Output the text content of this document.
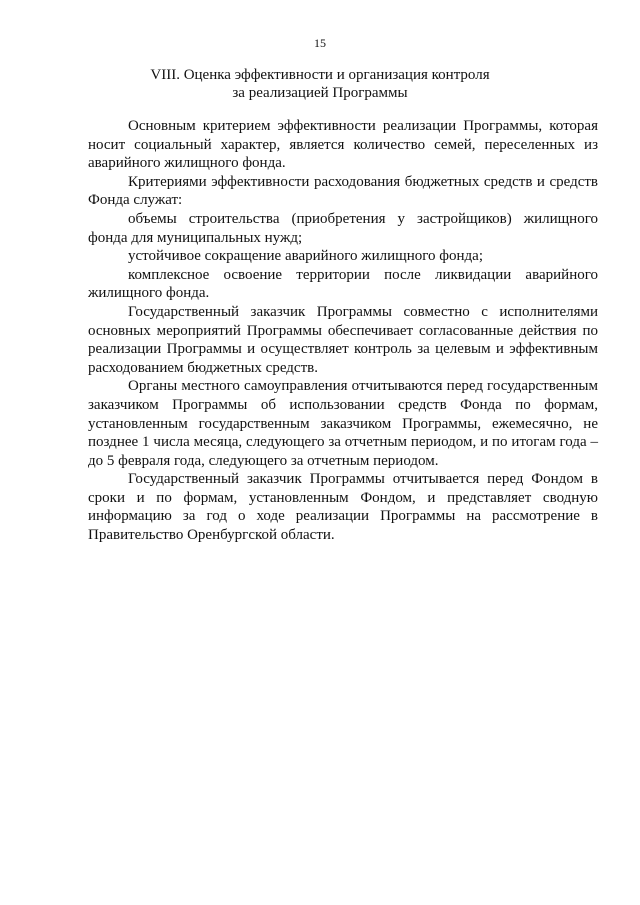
15
VIII. Оценка эффективности и организация контроля
за реализацией Программы

Основным критерием эффективности реализации Программы, которая носит социальный характер, является количество семей, переселенных из аварийного жилищного фонда.

Критериями эффективности расходования бюджетных средств и средств Фонда служат:

объемы строительства (приобретения у застройщиков) жилищного фонда для муниципальных нужд;

устойчивое сокращение аварийного жилищного фонда;

комплексное освоение территории после ликвидации аварийного жилищного фонда.

Государственный заказчик Программы совместно с исполнителями основных мероприятий Программы обеспечивает согласованные действия по реализации Программы и осуществляет контроль за целевым и эффективным расходованием бюджетных средств.

Органы местного самоуправления отчитываются перед государственным заказчиком Программы об использовании средств Фонда по формам, установленным государственным заказчиком Программы, ежемесячно, не позднее 1 числа месяца, следующего за отчетным периодом, и по итогам года – до 5 февраля года, следующего за отчетным периодом.

Государственный заказчик Программы отчитывается перед Фондом в сроки и по формам, установленным Фондом, и представляет сводную информацию за год о ходе реализации Программы на рассмотрение в Правительство Оренбургской области.
